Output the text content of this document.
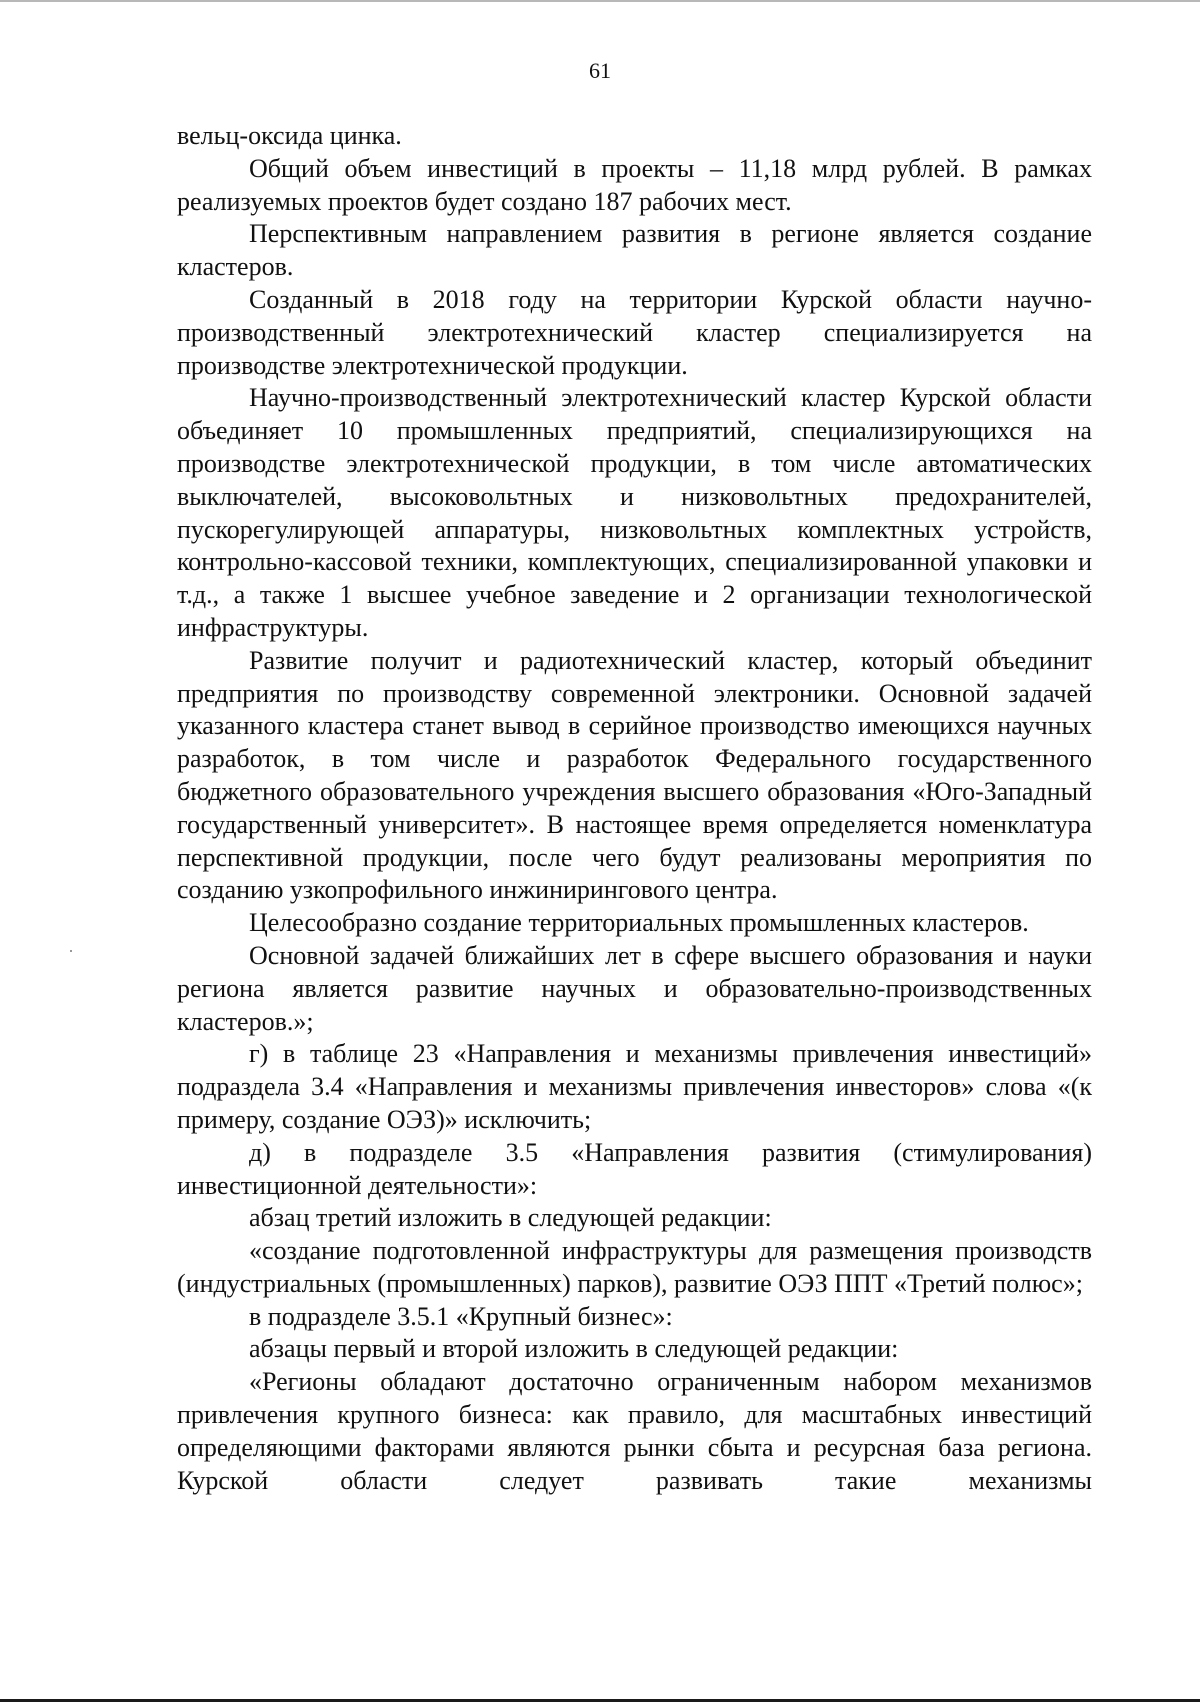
61

вельц-оксида цинка.

Общий объем инвестиций в проекты – 11,18 млрд рублей. В рамках реализуемых проектов будет создано 187 рабочих мест.

Перспективным направлением развития в регионе является создание кластеров.

Созданный в 2018 году на территории Курской области научно-производственный электротехнический кластер специализируется на производстве электротехнической продукции.

Научно-производственный электротехнический кластер Курской области объединяет 10 промышленных предприятий, специализирующихся на производстве электротехнической продукции, в том числе автоматических выключателей, высоковольтных и низковольтных предохранителей, пускорегулирующей аппаратуры, низковольтных комплектных устройств, контрольно-кассовой техники, комплектующих, специализированной упаковки и т.д., а также 1 высшее учебное заведение и 2 организации технологической инфраструктуры.

Развитие получит и радиотехнический кластер, который объединит предприятия по производству современной электроники. Основной задачей указанного кластера станет вывод в серийное производство имеющихся научных разработок, в том числе и разработок Федерального государственного бюджетного образовательного учреждения высшего образования «Юго-Западный государственный университет». В настоящее время определяется номенклатура перспективной продукции, после чего будут реализованы мероприятия по созданию узкопрофильного инжинирингового центра.

Целесообразно создание территориальных промышленных кластеров.

Основной задачей ближайших лет в сфере высшего образования и науки региона является развитие научных и образовательно-производственных кластеров.»;

г) в таблице 23 «Направления и механизмы привлечения инвестиций» подраздела 3.4 «Направления и механизмы привлечения инвесторов» слова «(к примеру, создание ОЭЗ)» исключить;

д) в подразделе 3.5 «Направления развития (стимулирования) инвестиционной деятельности»:

абзац третий изложить в следующей редакции:

«создание подготовленной инфраструктуры для размещения производств (индустриальных (промышленных) парков), развитие ОЭЗ ППТ «Третий полюс»;

в подразделе 3.5.1 «Крупный бизнес»:

абзацы первый и второй изложить в следующей редакции:

«Регионы обладают достаточно ограниченным набором механизмов привлечения крупного бизнеса: как правило, для масштабных инвестиций определяющими факторами являются рынки сбыта и ресурсная база региона. Курской области следует развивать такие механизмы
